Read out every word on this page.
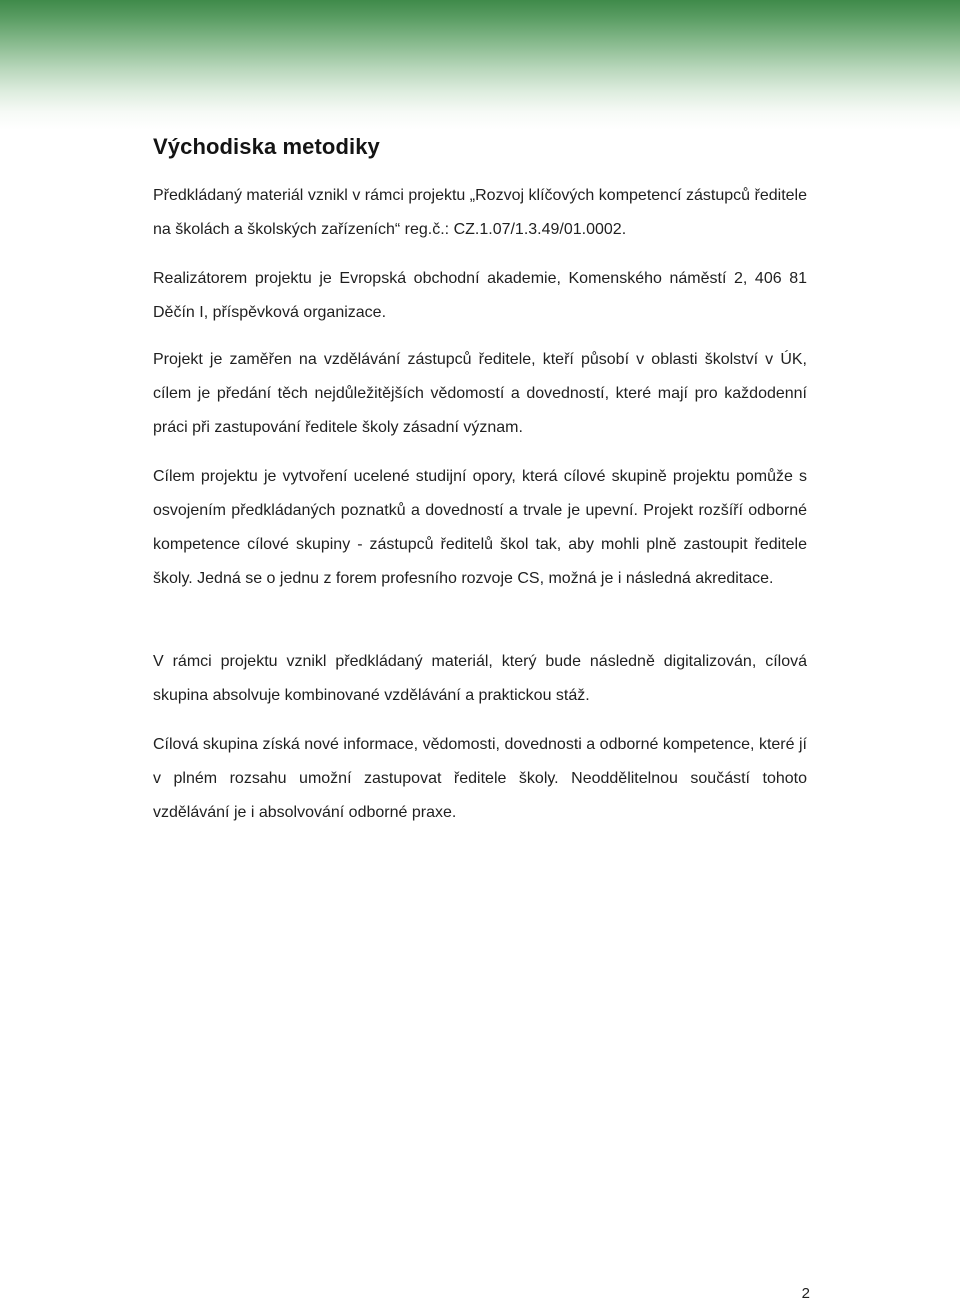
Východiska metodiky

Předkládaný materiál vznikl v rámci projektu „Rozvoj klíčových kompetencí zástupců ředitele na školách a školských zařízeních“ reg.č.: CZ.1.07/1.3.49/01.0002.

Realizátorem projektu je Evropská obchodní akademie, Komenského náměstí 2, 406 81 Děčín I, příspěvková organizace.

Projekt je zaměřen na vzdělávání zástupců ředitele, kteří působí v oblasti školství v ÚK, cílem je předání těch nejdůležitějších vědomostí a dovedností, které mají pro každodenní práci při zastupování ředitele školy zásadní význam.

Cílem projektu je vytvoření ucelené studijní opory, která cílové skupině projektu pomůže s osvojením předkládaných poznatků a dovedností a trvale je upevní. Projekt rozšíří odborné kompetence cílové skupiny - zástupců ředitelů škol tak, aby mohli plně zastoupit ředitele školy. Jedná se o jednu z forem profesního rozvoje CS, možná je i následná akreditace.

V rámci projektu vznikl předkládaný materiál, který bude následně digitalizován, cílová skupina absolvuje kombinované vzdělávání a praktickou stáž.

Cílová skupina získá nové informace, vědomosti, dovednosti a odborné kompetence, které jí v plném rozsahu umožní zastupovat ředitele školy. Neoddělitelnou součástí tohoto vzdělávání je i absolvování odborné praxe.

2
